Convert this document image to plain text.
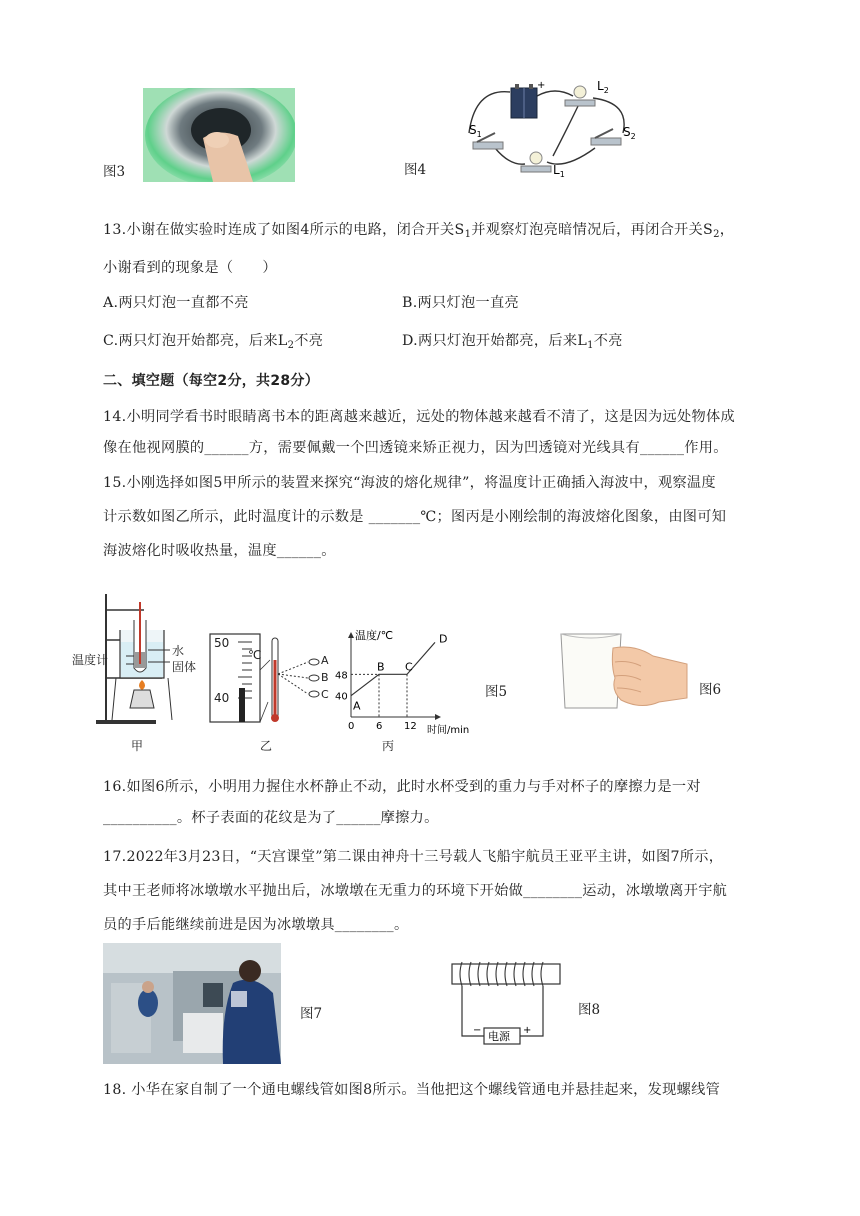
图3	图4
+	$L_2$
$S_1$	$S_2$
$L_1$
13.小谢在做实验时连成了如图4所示的电路，闭合开关$S_1$并观察灯泡亮暗情况后，再闭合开关$S_2$，
小谢看到的现象是（　　）
A.两只灯泡一直都不亮	B.两只灯泡一直亮
C.两只灯泡开始都亮，后来$L_2$不亮	D.两只灯泡开始都亮，后来$L_1$不亮
二、填空题（每空2分，共28分）
14.小明同学看书时眼睛离书本的距离越来越近，远处的物体越来越看不清了，这是因为远处物体成
像在他视网膜的______方，需要佩戴一个凹透镜来矫正视力，因为凹透镜对光线具有______作用。
15.小刚选择如图5甲所示的装置来探究“海波的熔化规律”，将温度计正确插入海波中，观察温度
计示数如图乙所示，此时温度计的示数是 _______℃；图丙是小刚绘制的海波熔化图象，由图可知
海波熔化时吸收热量，温度______。
温度计
水
固体
甲
50
40
℃	A
B
C
乙
温度/℃
时间/min
A
B C
D
0 6 12
40
48
丙
图5	图6
16.如图6所示，小明用力握住水杯静止不动，此时水杯受到的重力与手对杯子的摩擦力是一对
__________。杯子表面的花纹是为了______摩擦力。
17.2022年3月23日，“天宫课堂”第二课由神舟十三号载人飞船宇航员王亚平主讲，如图7所示，
其中王老师将冰墩墩水平抛出后，冰墩墩在无重力的环境下开始做________运动，冰墩墩离开宇航
员的手后能继续前进是因为冰墩墩具________。
图7
电源
−	+
图8
18. 小华在家自制了一个通电螺线管如图8所示。当他把这个螺线管通电并悬挂起来，发现螺线管
